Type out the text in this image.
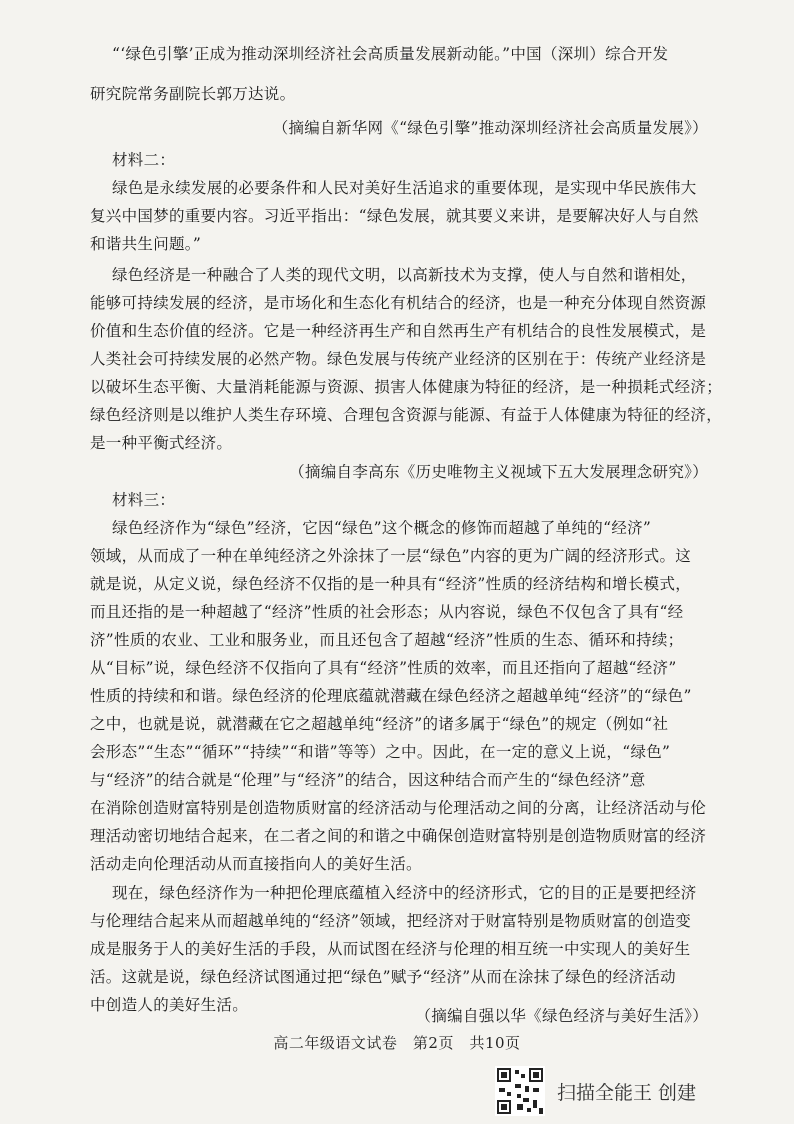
“‘绿色引擎’正成为推动深圳经济社会高质量发展新动能。”中国（深圳）综合开发
研究院常务副院长郭万达说。
（摘编自新华网《“绿色引擎”推动深圳经济社会高质量发展》）
材料二：
绿色是永续发展的必要条件和人民对美好生活追求的重要体现，是实现中华民族伟大
复兴中国梦的重要内容。习近平指出：“绿色发展，就其要义来讲，是要解决好人与自然
和谐共生问题。”
绿色经济是一种融合了人类的现代文明，以高新技术为支撑，使人与自然和谐相处，
能够可持续发展的经济，是市场化和生态化有机结合的经济，也是一种充分体现自然资源
价值和生态价值的经济。它是一种经济再生产和自然再生产有机结合的良性发展模式，是
人类社会可持续发展的必然产物。绿色发展与传统产业经济的区别在于：传统产业经济是
以破坏生态平衡、大量消耗能源与资源、损害人体健康为特征的经济，是一种损耗式经济；
绿色经济则是以维护人类生存环境、合理包含资源与能源、有益于人体健康为特征的经济，
是一种平衡式经济。
（摘编自李高东《历史唯物主义视域下五大发展理念研究》）
材料三：
绿色经济作为“绿色”经济，它因“绿色”这个概念的修饰而超越了单纯的“经济”
领域，从而成了一种在单纯经济之外涂抹了一层“绿色”内容的更为广阔的经济形式。这
就是说，从定义说，绿色经济不仅指的是一种具有“经济”性质的经济结构和增长模式，
而且还指的是一种超越了“经济”性质的社会形态；从内容说，绿色不仅包含了具有“经
济”性质的农业、工业和服务业，而且还包含了超越“经济”性质的生态、循环和持续；
从“目标”说，绿色经济不仅指向了具有“经济”性质的效率，而且还指向了超越“经济”
性质的持续和和谐。绿色经济的伦理底蕴就潜藏在绿色经济之超越单纯“经济”的“绿色”
之中，也就是说，就潜藏在它之超越单纯“经济”的诸多属于“绿色”的规定（例如“社
会形态”“生态”“循环”“持续”“和谐”等等）之中。因此，在一定的意义上说，“绿色”
与“经济”的结合就是“伦理”与“经济”的结合，因这种结合而产生的“绿色经济”意
在消除创造财富特别是创造物质财富的经济活动与伦理活动之间的分离，让经济活动与伦
理活动密切地结合起来，在二者之间的和谐之中确保创造财富特别是创造物质财富的经济
活动走向伦理活动从而直接指向人的美好生活。
现在，绿色经济作为一种把伦理底蕴植入经济中的经济形式，它的目的正是要把经济
与伦理结合起来从而超越单纯的“经济”领域，把经济对于财富特别是物质财富的创造变
成是服务于人的美好生活的手段，从而试图在经济与伦理的相互统一中实现人的美好生
活。这就是说，绿色经济试图通过把“绿色”赋予“经济”从而在涂抹了绿色的经济活动
中创造人的美好生活。
（摘编自强以华《绿色经济与美好生活》）
高二年级语文试卷　第2页　共10页
扫描全能王 创建
